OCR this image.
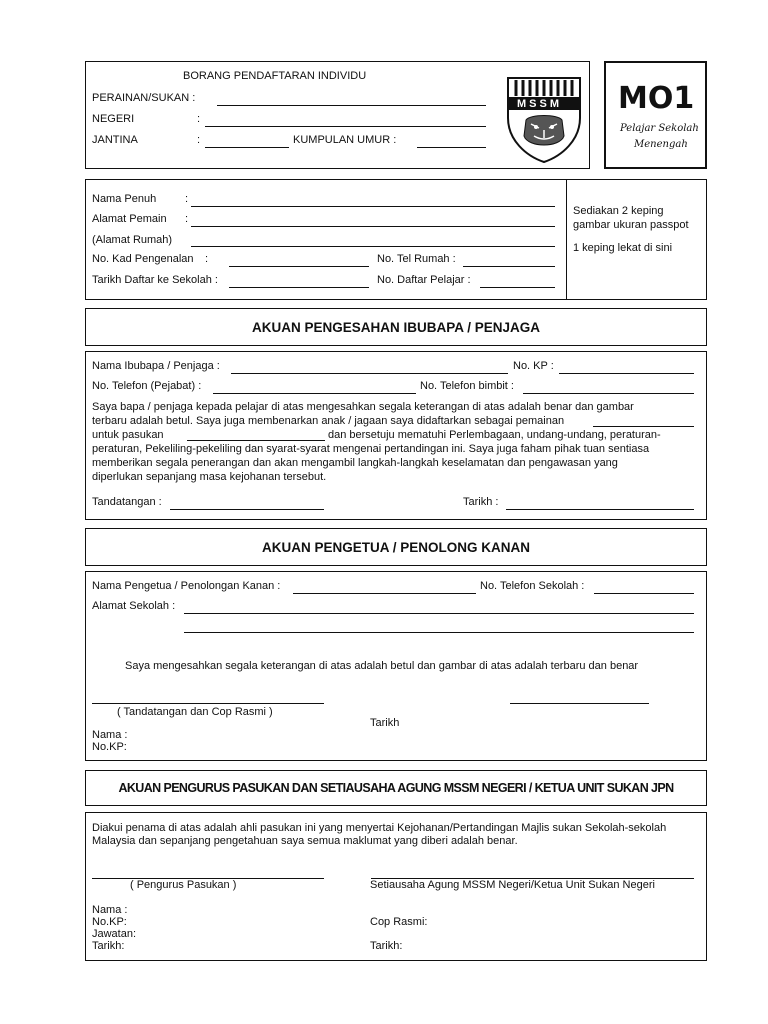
BORANG PENDAFTARAN INDIVIDU
PERAINAN/SUKAN :
NEGERI	:
JANTINA	:	KUMPULAN UMUR :
MSSM MO1
Pelajar Sekolah
Menengah
Nama Penuh	:
Alamat Pemain :
(Alamat Rumah)
No. Kad Pengenalan :	No. Tel Rumah :
Tarikh Daftar ke Sekolah :	No. Daftar Pelajar :
Sediakan 2 keping
gambar ukuran passpot
1 keping lekat di sini
AKUAN PENGESAHAN IBUBAPA / PENJAGA
Nama Ibubapa / Penjaga :	No. KP :
No. Telefon (Pejabat) :	No. Telefon bimbit :
Saya bapa / penjaga kepada pelajar di atas mengesahkan segala keterangan di atas adalah benar dan gambar
terbaru adalah betul. Saya juga membenarkan anak / jagaan saya didaftarkan sebagai pemainan
untuk pasukan	dan bersetuju mematuhi Perlembagaan, undang-undang, peraturan-
peraturan, Pekeliling-pekeliling dan syarat-syarat mengenai pertandingan ini. Saya juga faham pihak tuan sentiasa
memberikan segala penerangan dan akan mengambil langkah-langkah keselamatan dan pengawasan yang
diperlukan sepanjang masa kejohanan tersebut.
Tandatangan :	Tarikh :
AKUAN PENGETUA / PENOLONG KANAN
Nama Pengetua / Penolongan Kanan :	No. Telefon Sekolah :
Alamat Sekolah :
Saya mengesahkan segala keterangan di atas adalah betul dan gambar di atas adalah terbaru dan benar
( Tandatangan dan Cop Rasmi )
Tarikh
Nama :
No.KP:
AKUAN PENGURUS PASUKAN DAN SETIAUSAHA AGUNG MSSM NEGERI / KETUA UNIT SUKAN JPN
Diakui penama di atas adalah ahli pasukan ini yang menyertai Kejohanan/Pertandingan Majlis sukan Sekolah-sekolah
Malaysia dan sepanjang pengetahuan saya semua maklumat yang diberi adalah benar.
( Pengurus Pasukan )	Setiausaha Agung MSSM Negeri/Ketua Unit Sukan Negeri
Nama :
No.KP:	Cop Rasmi:
Jawatan:
Tarikh:	Tarikh:
